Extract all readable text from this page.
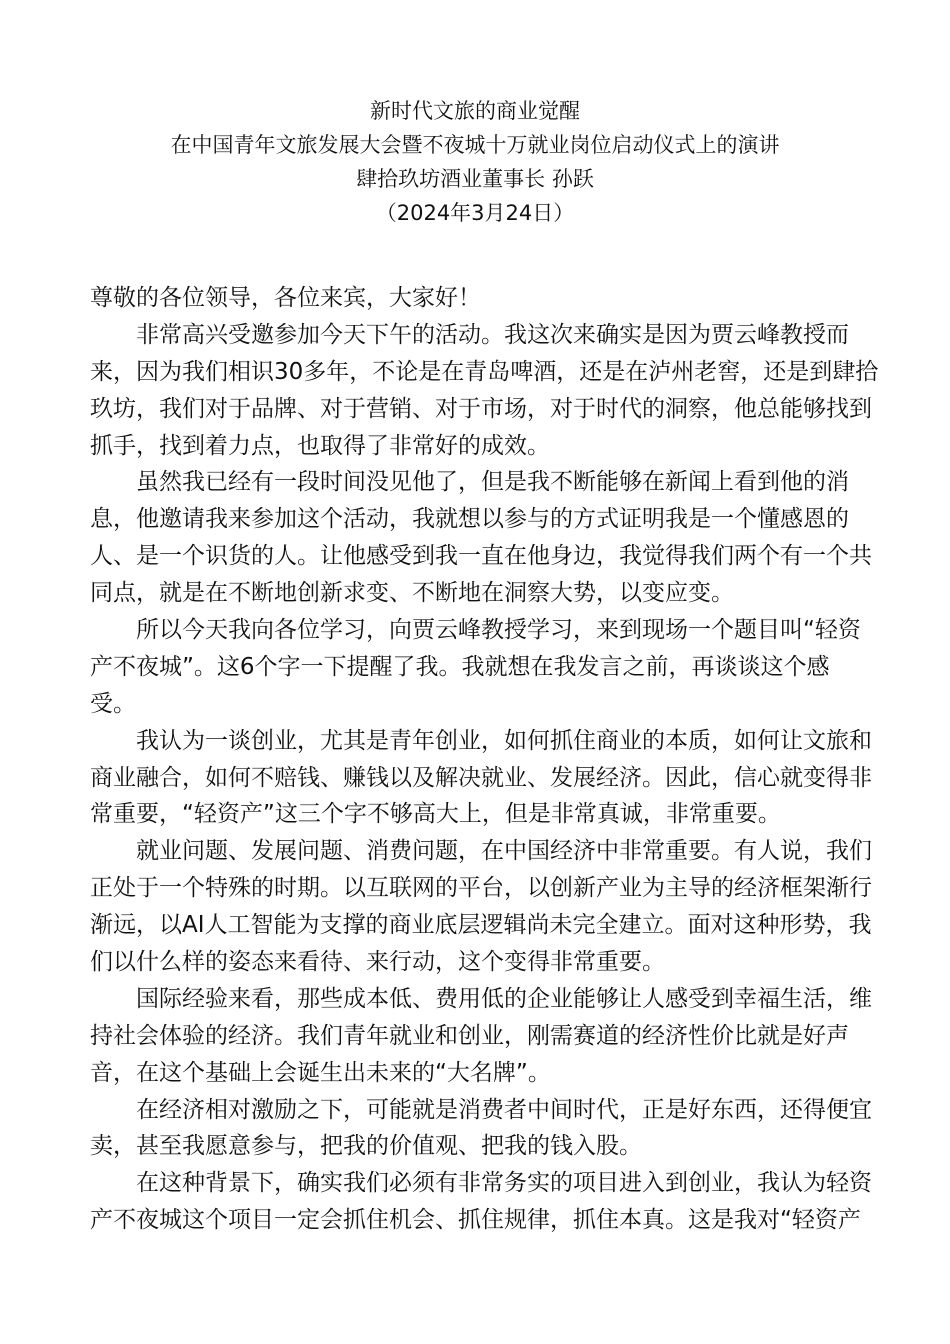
新时代文旅的商业觉醒
在中国青年文旅发展大会暨不夜城十万就业岗位启动仪式上的演讲
肆拾玖坊酒业董事长 孙跃
（2024年3月24日）
尊敬的各位领导，各位来宾，大家好！
非常高兴受邀参加今天下午的活动。我这次来确实是因为贾云峰教授而
来，因为我们相识30多年，不论是在青岛啤酒，还是在泸州老窖，还是到肆拾
玖坊，我们对于品牌、对于营销、对于市场，对于时代的洞察，他总能够找到
抓手，找到着力点，也取得了非常好的成效。
虽然我已经有一段时间没见他了，但是我不断能够在新闻上看到他的消
息，他邀请我来参加这个活动，我就想以参与的方式证明我是一个懂感恩的
人、是一个识货的人。让他感受到我一直在他身边，我觉得我们两个有一个共
同点，就是在不断地创新求变、不断地在洞察大势，以变应变。
所以今天我向各位学习，向贾云峰教授学习，来到现场一个题目叫“轻资
产不夜城”。这6个字一下提醒了我。我就想在我发言之前，再谈谈这个感
受。
我认为一谈创业，尤其是青年创业，如何抓住商业的本质，如何让文旅和
商业融合，如何不赔钱、赚钱以及解决就业、发展经济。因此，信心就变得非
常重要，“轻资产”这三个字不够高大上，但是非常真诚，非常重要。
就业问题、发展问题、消费问题，在中国经济中非常重要。有人说，我们
正处于一个特殊的时期。以互联网的平台，以创新产业为主导的经济框架渐行
渐远，以AI人工智能为支撑的商业底层逻辑尚未完全建立。面对这种形势，我
们以什么样的姿态来看待、来行动，这个变得非常重要。
国际经验来看，那些成本低、费用低的企业能够让人感受到幸福生活，维
持社会体验的经济。我们青年就业和创业，刚需赛道的经济性价比就是好声
音，在这个基础上会诞生出未来的“大名牌”。
在经济相对激励之下，可能就是消费者中间时代，正是好东西，还得便宜
卖，甚至我愿意参与，把我的价值观、把我的钱入股。
在这种背景下，确实我们必须有非常务实的项目进入到创业，我认为轻资
产不夜城这个项目一定会抓住机会、抓住规律，抓住本真。这是我对“轻资产
